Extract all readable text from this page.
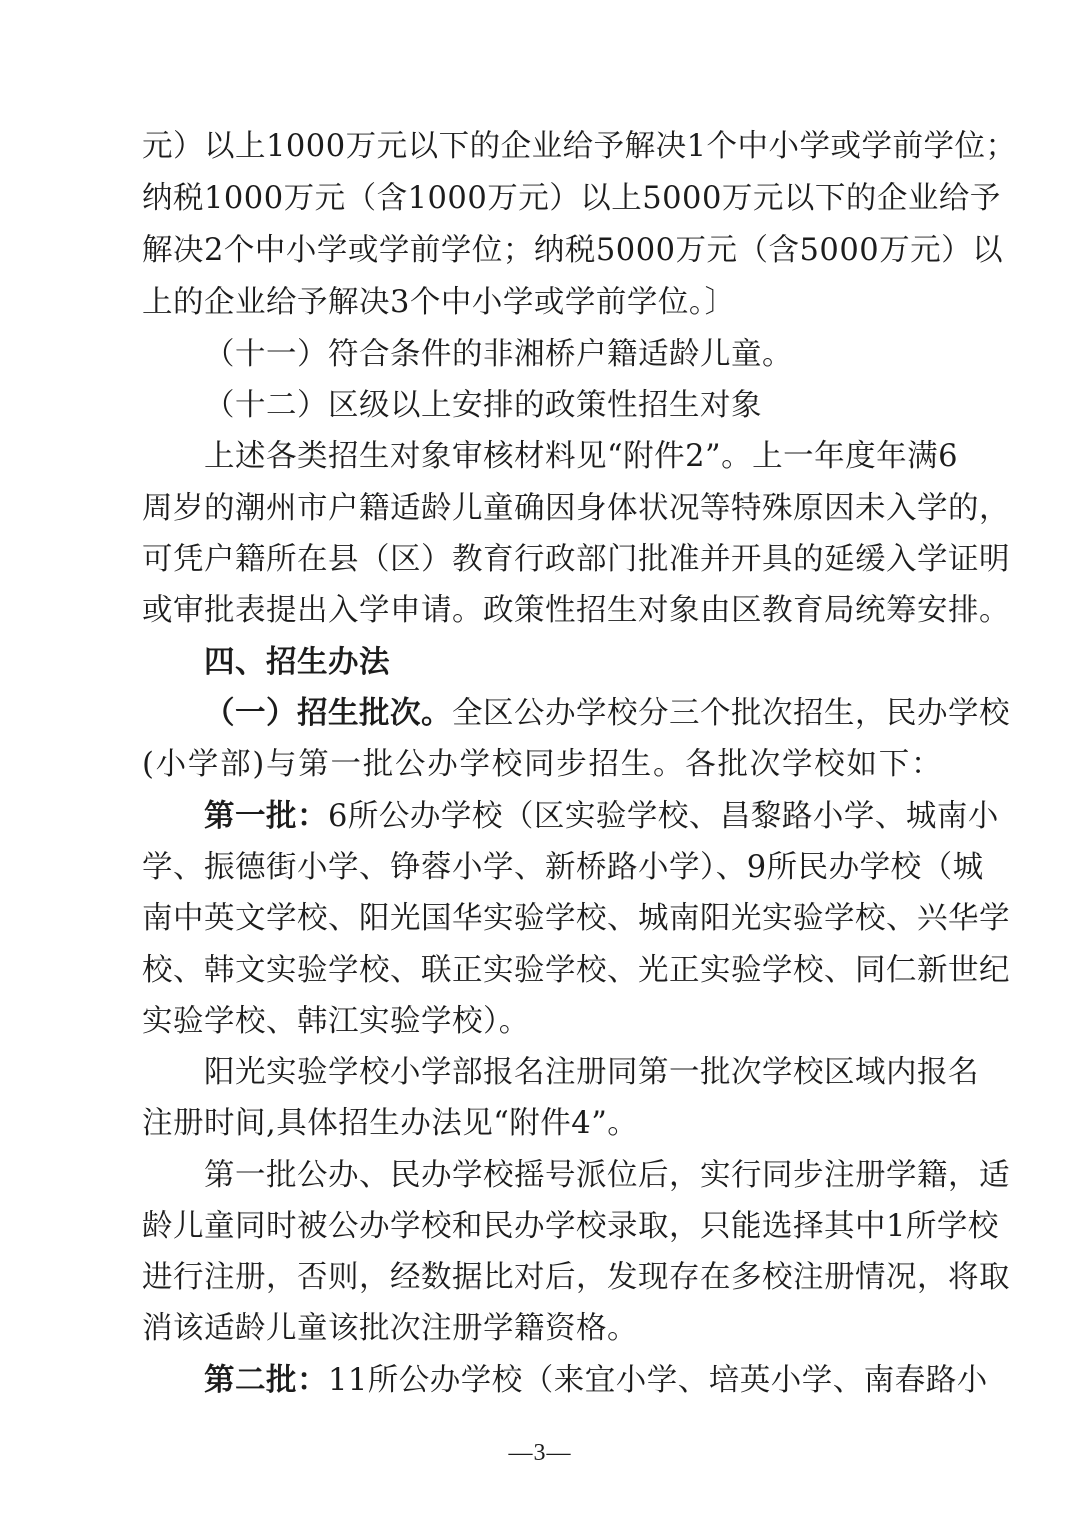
元）以上1000万元以下的企业给予解决1个中小学或学前学位；
纳税1000万元（含1000万元）以上5000万元以下的企业给予
解决2个中小学或学前学位；纳税5000万元（含5000万元）以
上的企业给予解决3个中小学或学前学位。〕
（十一）符合条件的非湘桥户籍适龄儿童。
（十二）区级以上安排的政策性招生对象
上述各类招生对象审核材料见“附件2”。上一年度年满6
周岁的潮州市户籍适龄儿童确因身体状况等特殊原因未入学的，
可凭户籍所在县（区）教育行政部门批准并开具的延缓入学证明
或审批表提出入学申请。政策性招生对象由区教育局统筹安排。
四、招生办法
（一）招生批次。全区公办学校分三个批次招生，民办学校
(小学部)与第一批公办学校同步招生。各批次学校如下：
第一批：6所公办学校（区实验学校、昌黎路小学、城南小
学、振德街小学、铮蓉小学、新桥路小学）、9所民办学校（城
南中英文学校、阳光国华实验学校、城南阳光实验学校、兴华学
校、韩文实验学校、联正实验学校、光正实验学校、同仁新世纪
实验学校、韩江实验学校）。
阳光实验学校小学部报名注册同第一批次学校区域内报名
注册时间,具体招生办法见“附件4”。
第一批公办、民办学校摇号派位后，实行同步注册学籍，适
龄儿童同时被公办学校和民办学校录取，只能选择其中1所学校
进行注册，否则，经数据比对后，发现存在多校注册情况，将取
消该适龄儿童该批次注册学籍资格。
第二批：11所公办学校（来宜小学、培英小学、南春路小
—3—
